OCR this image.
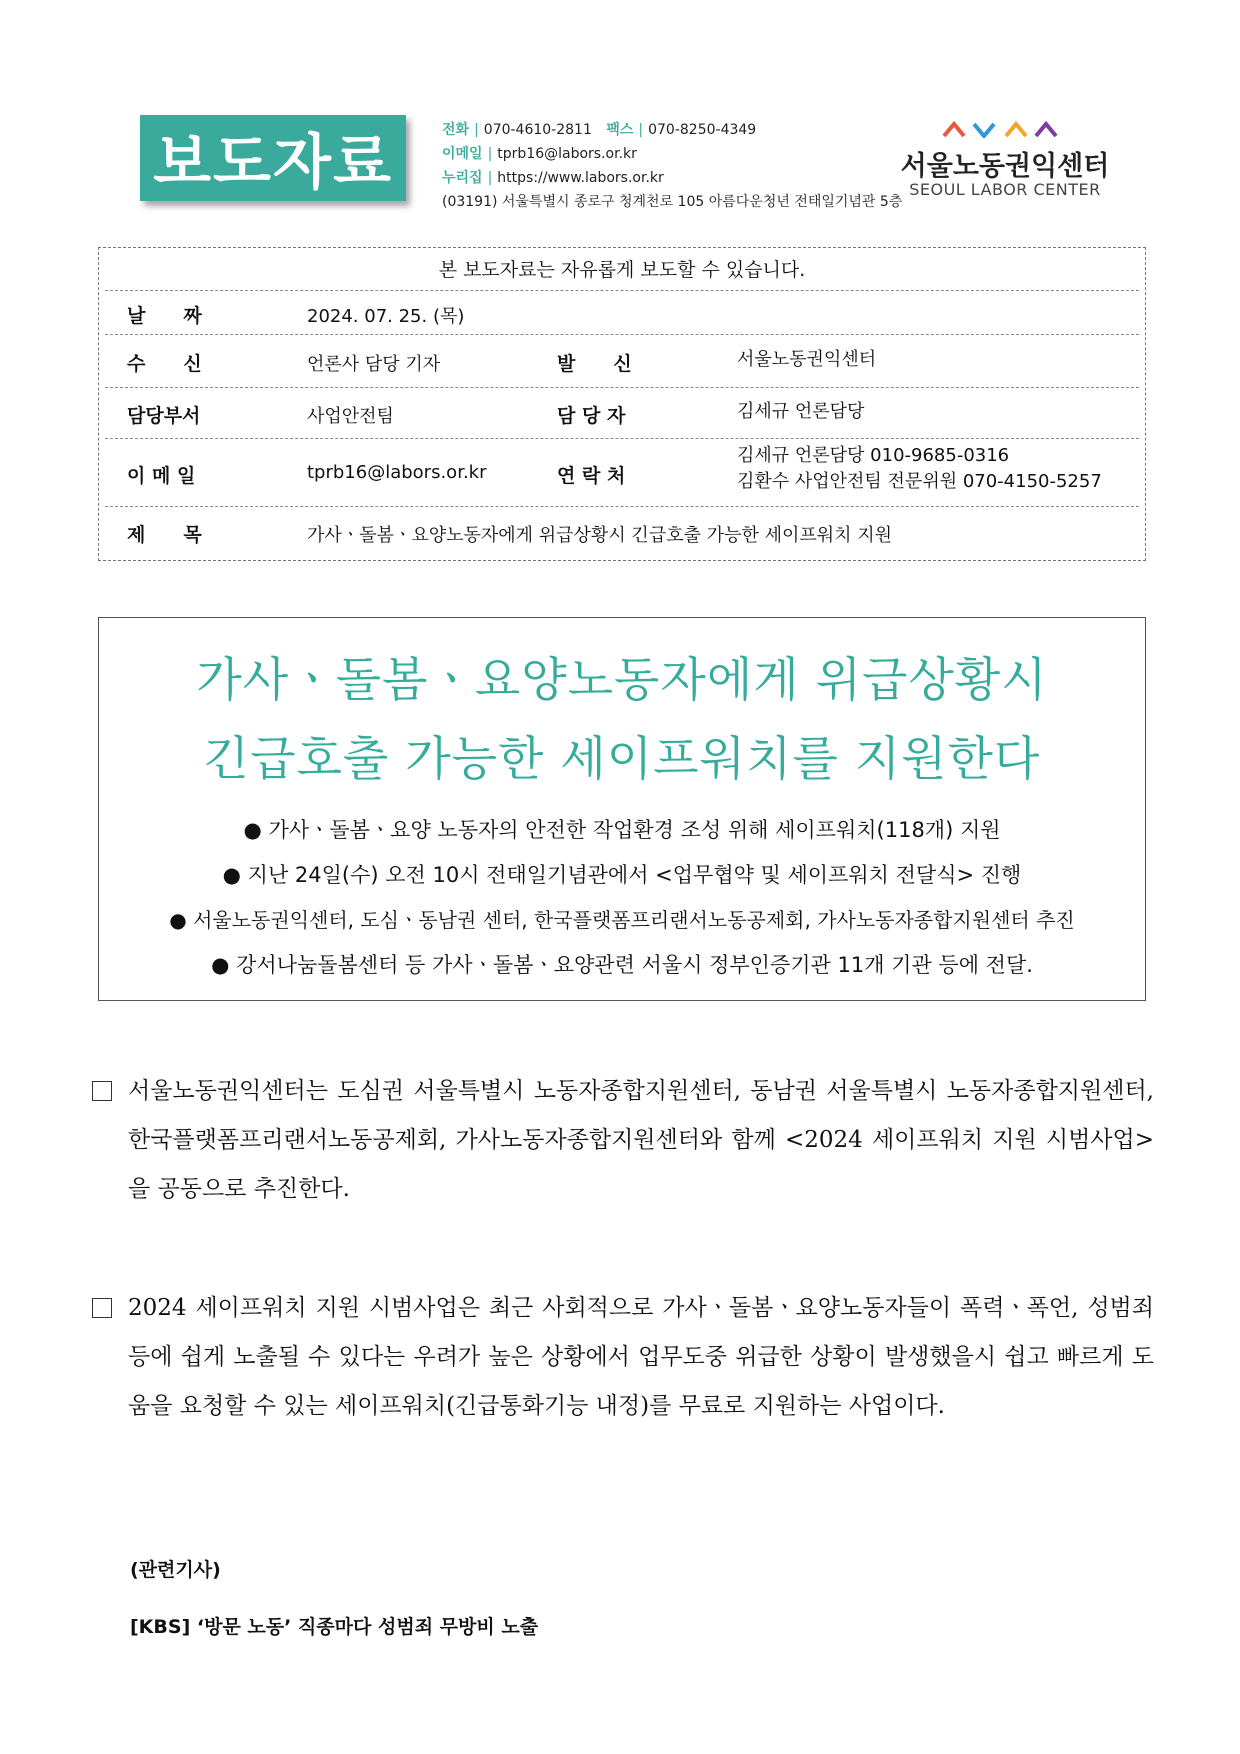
보도자료	전화 | 070-4610-2811 팩스 | 070-8250-4349
이메일 | tprb16@labors.or.kr
누리집 | https://www.labors.or.kr
(03191) 서울특별시 종로구 청계천로 105 아름다운청년 전태일기념관 5층
서울노동권익센터
SEOUL LABOR CENTER
본 보도자료는 자유롭게 보도할 수 있습니다.
날　　짜	2024. 07. 25. (목)
수　　신	언론사 담당 기자	발　　신	서울노동권익센터
담당부서	사업안전팀	담 당 자	김세규 언론담당
이 메 일	tprb16@labors.or.kr	연 락 처
김세규 언론담당 010-9685-0316
김환수 사업안전팀 전문위원 070-4150-5257
제　　목	가사ㆍ돌봄ㆍ요양노동자에게 위급상황시 긴급호출 가능한 세이프워치 지원
가사ㆍ돌봄ㆍ요양노동자에게 위급상황시
긴급호출 가능한 세이프워치를 지원한다
● 가사ㆍ돌봄ㆍ요양 노동자의 안전한 작업환경 조성 위해 세이프워치(118개) 지원
● 지난 24일(수) 오전 10시 전태일기념관에서 <업무협약 및 세이프워치 전달식> 진행
● 서울노동권익센터, 도심ㆍ동남권 센터, 한국플랫폼프리랜서노동공제회, 가사노동자종합지원센터 추진
● 강서나눔돌봄센터 등 가사ㆍ돌봄ㆍ요양관련 서울시 정부인증기관 11개 기관 등에 전달.
서울노동권익센터는 도심권 서울특별시 노동자종합지원센터, 동남권 서울특별시 노동자종합지원센터, 한국플랫폼프리랜서노동공제회, 가사노동자종합지원센터와 함께 <2024 세이프워치 지원 시범사업>을 공동으로 추진한다.
2024 세이프워치 지원 시범사업은 최근 사회적으로 가사ㆍ돌봄ㆍ요양노동자들이 폭력ㆍ폭언, 성범죄 등에 쉽게 노출될 수 있다는 우려가 높은 상황에서 업무도중 위급한 상황이 발생했을시 쉽고 빠르게 도움을 요청할 수 있는 세이프워치(긴급통화기능 내정)를 무료로 지원하는 사업이다.
(관련기사)
[KBS] ‘방문 노동’ 직종마다 성범죄 무방비 노출
